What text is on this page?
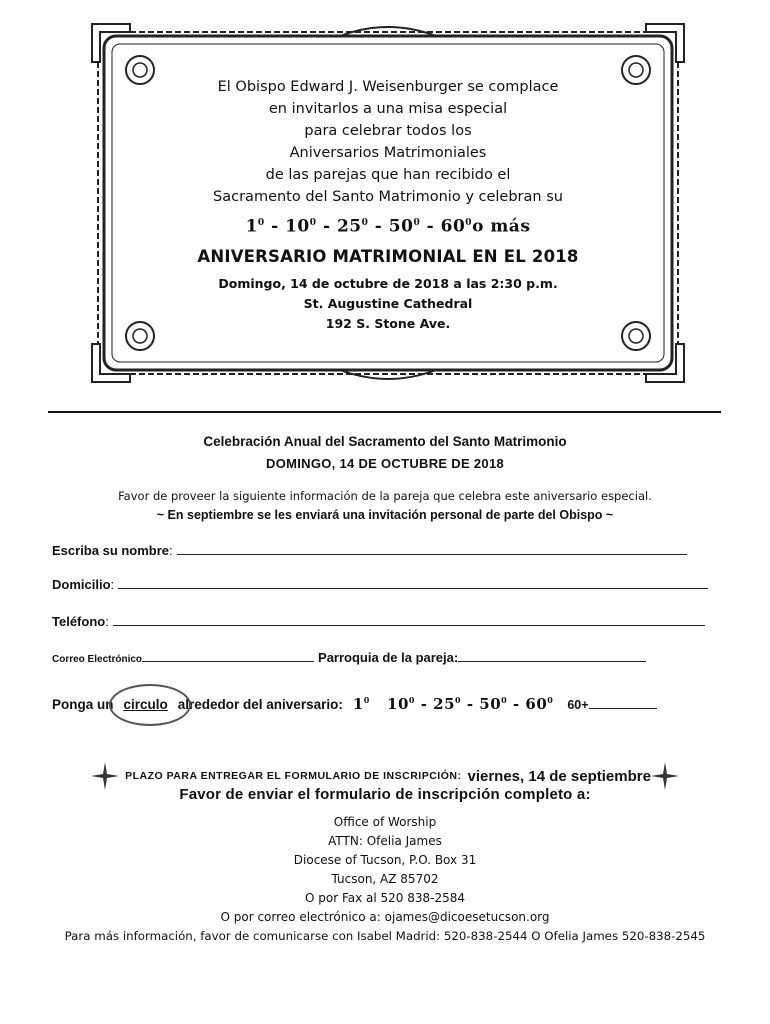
El Obispo Edward J. Weisenburger se complace
en invitarlos a una misa especial
para celebrar todos los
Aniversarios Matrimoniales
de las parejas que han recibido el
Sacramento del Santo Matrimonio y celebran su
$1^0 - 10^0 - 25^0 - 50^0 - 60^0o$ más
ANIVERSARIO MATRIMONIAL EN EL 2018
Domingo, 14 de octubre de 2018 a las 2:30 p.m.
St. Augustine Cathedral
192 S. Stone Ave.
Celebración Anual del Sacramento del Santo Matrimonio
DOMINGO, 14 DE OCTUBRE DE 2018
Favor de proveer la siguiente información de la pareja que celebra este aniversario especial.
~ En septiembre se les enviará una invitación personal de parte del Obispo ~
Escriba su nombre :
Domicilio :
Teléfono :
Correo Electrónico	Parroquia de la pareja:
Ponga un circulo alrededor del aniversario: $1^0$ $10^0 - 25^0 - 50^0 - 60^0$ 60+
PLAZO PARA ENTREGAR EL FORMULARIO DE INSCRIPCIÓN: viernes, 14 de septiembre
Favor de enviar el formulario de inscripción completo a:
Office of Worship
ATTN: Ofelia James
Diocese of Tucson, P.O. Box 31
Tucson, AZ 85702
O por Fax al 520 838-2584
O por correo electrónico a: ojames@dicoesetucson.org
Para más información, favor de comunicarse con Isabel Madrid: 520-838-2544 O Ofelia James 520-838-2545
